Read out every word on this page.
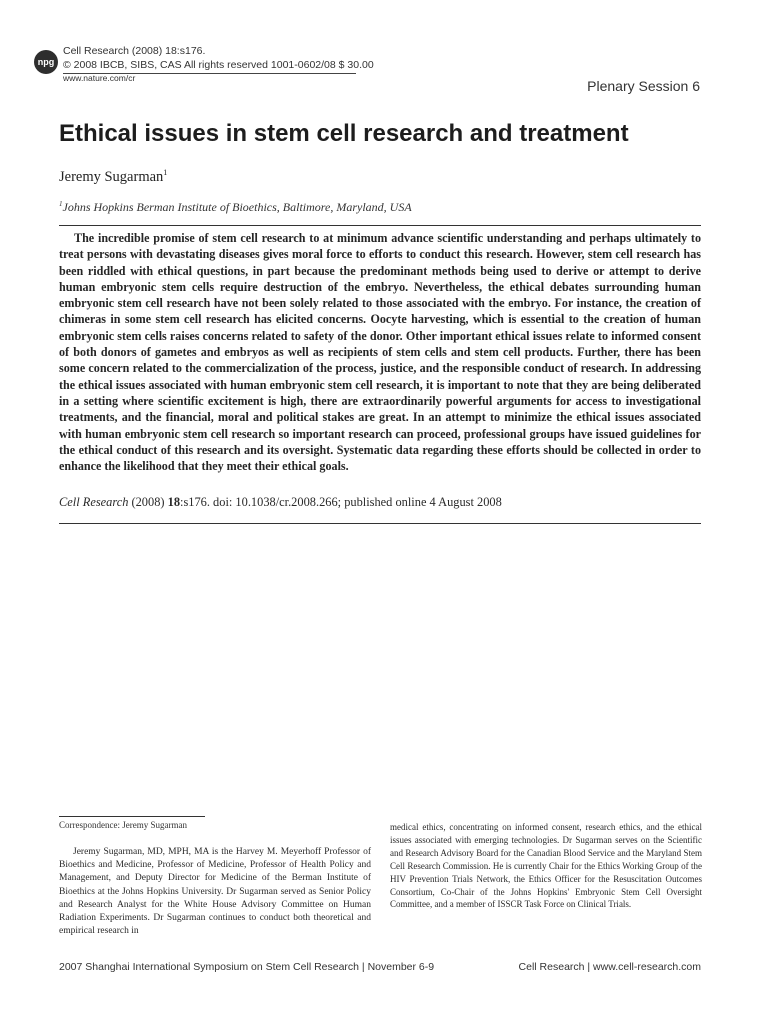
npg
Cell Research (2008) 18:s176.
© 2008 IBCB, SIBS, CAS All rights reserved 1001-0602/08 $ 30.00
www.nature.com/cr	Plenary Session 6
Ethical issues in stem cell research and treatment
Jeremy Sugarman$^1$
$^1$Johns Hopkins Berman Institute of Bioethics, Baltimore, Maryland, USA

The incredible promise of stem cell research to at minimum advance scientific understanding and perhaps ultimately to treat persons with devastating diseases gives moral force to efforts to conduct this research. However, stem cell research has been riddled with ethical questions, in part because the predominant methods being used to derive or attempt to derive human embryonic stem cells require destruction of the embryo. Nevertheless, the ethical debates surrounding human embryonic stem cell research have not been solely related to those associated with the embryo. For instance, the creation of chimeras in some stem cell research has elicited concerns. Oocyte harvesting, which is essential to the creation of human embryonic stem cells raises concerns related to safety of the donor. Other important ethical issues relate to informed consent of both donors of gametes and embryos as well as recipients of stem cells and stem cell products. Further, there has been some concern related to the commercialization of the process, justice, and the responsible conduct of research. In addressing the ethical issues associated with human embryonic stem cell research, it is important to note that they are being deliberated in a setting where scientific excitement is high, there are extraordinarily powerful arguments for access to investigational treatments, and the financial, moral and political stakes are great. In an attempt to minimize the ethical issues associated with human embryonic stem cell research so important research can proceed, professional groups have issued guidelines for the ethical conduct of this research and its oversight. Systematic data regarding these efforts should be collected in order to enhance the likelihood that they meet their ethical goals.

Cell Research (2008) 18:s176. doi: 10.1038/cr.2008.266; published online 4 August 2008
Correspondence: Jeremy Sugarman

Jeremy Sugarman, MD, MPH, MA is the Harvey M. Meyerhoff Professor of Bioethics and Medicine, Professor of Medicine, Professor of Health Policy and Management, and Deputy Director for Medicine of the Berman Institute of Bioethics at the Johns Hopkins University. Dr Sugarman served as Senior Policy and Research Analyst for the White House Advisory Committee on Human Radiation Experiments. Dr Sugarman continues to conduct both theoretical and empirical research in

medical ethics, concentrating on informed consent, research ethics, and the ethical issues associated with emerging technologies. Dr Sugarman serves on the Scientific and Research Advisory Board for the Canadian Blood Service and the Maryland Stem Cell Research Commission. He is currently Chair for the Ethics Working Group of the HIV Prevention Trials Network, the Ethics Officer for the Resuscitation Outcomes Consortium, Co-Chair of the Johns Hopkins' Embryonic Stem Cell Oversight Committee, and a member of ISSCR Task Force on Clinical Trials.

2007 Shanghai International Symposium on Stem Cell Research | November 6-9	Cell Research | www.cell-research.com
